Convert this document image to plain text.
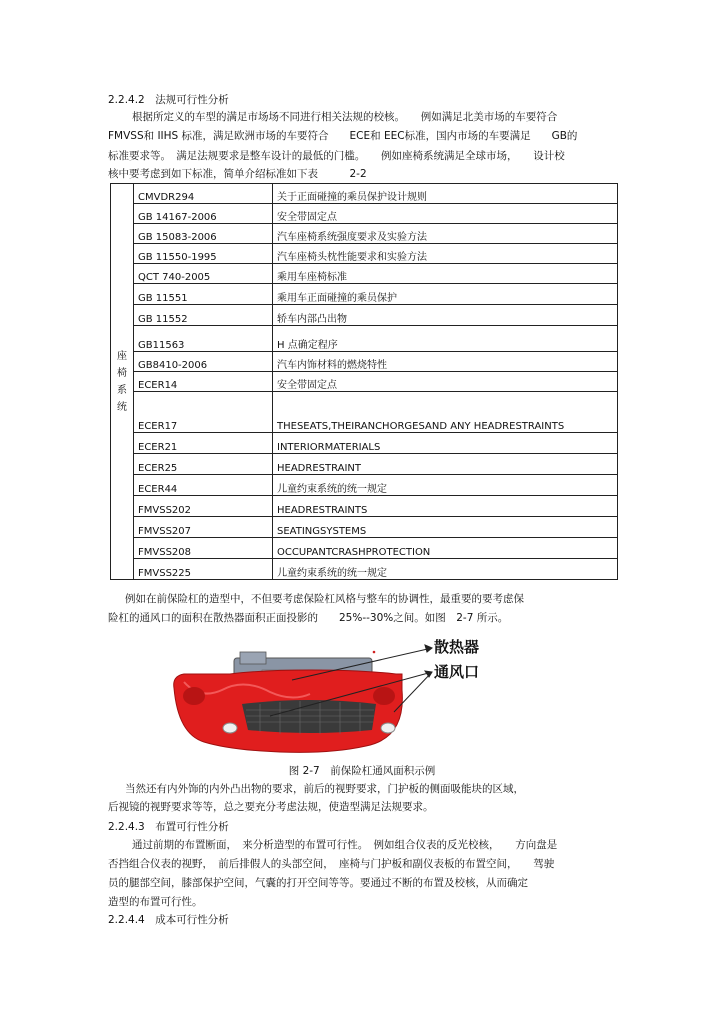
2.2.4.2　法规可行性分析
根据所定义的车型的满足市场场不同进行相关法规的校核。　　例如满足北美市场的车要符合
FMVSS和 IIHS 标准，满足欧洲市场的车要符合　　ECE和 EEC标准，国内市场的车要满足　　GB的
标准要求等。　满足法规要求是整车设计的最低的门槛。　　例如座椅系统满足全球市场，　　设计校
核中要考虑到如下标准，简单介绍标准如下表　　　2-2
座
椅
系
统	CMVDR294	关于正面碰撞的乘员保护设计规则
	GB 14167-2006	安全带固定点
	GB 15083-2006	汽车座椅系统强度要求及实验方法
	GB 11550-1995	汽车座椅头枕性能要求和实验方法
	QCT 740-2005	乘用车座椅标准
	GB 11551	乘用车正面碰撞的乘员保护
	GB 11552	轿车内部凸出物
	GB11563	H 点确定程序
	GB8410-2006	汽车内饰材料的燃烧特性
	ECER14	安全带固定点
	ECER17	THESEATS,THEIRANCHORGESAND ANY HEADRESTRAINTS
	ECER21	INTERIORMATERIALS
	ECER25	HEADRESTRAINT
	ECER44	儿童约束系统的统一规定
	FMVSS202	HEADRESTRAINTS
	FMVSS207	SEATINGSYSTEMS
	FMVSS208	OCCUPANTCRASHPROTECTION
	FMVSS225	儿童约束系统的统一规定
例如在前保险杠的造型中，不但要考虑保险杠风格与整车的协调性，最重要的要考虑保
险杠的通风口的面积在散热器面积正面投影的　　25%--30%之间。如图　2-7 所示。
散热器
通风口
图 2-7　前保险杠通风面积示例
当然还有内外饰的内外凸出物的要求，前后的视野要求，门护板的侧面吸能块的区域，
后视镜的视野要求等等，总之要充分考虑法规，使造型满足法规要求。
2.2.4.3　布置可行性分析
通过前期的布置断面，　来分析造型的布置可行性。　例如组合仪表的反光校核，　　方向盘是
否挡组合仪表的视野，　前后排假人的头部空间，　座椅与门护板和副仪表板的布置空间，　　驾驶
员的腿部空间，膝部保护空间，气囊的打开空间等等。要通过不断的布置及校核，从而确定
造型的布置可行性。
2.2.4.4　成本可行性分析
